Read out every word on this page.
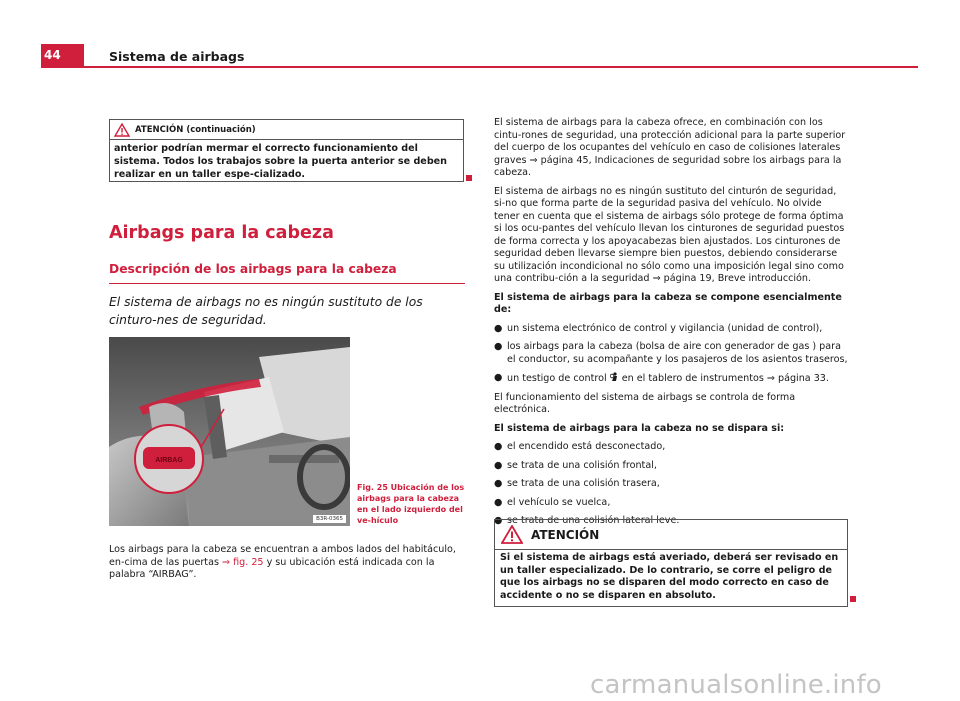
44	Sistema de airbags
ATENCIÓN (continuación)
anterior podrían mermar el correcto funcionamiento del sistema. Todos los trabajos sobre la puerta anterior se deben realizar en un taller espe-cializado.
Airbags para la cabeza
Descripción de los airbags para la cabeza
El sistema de airbags no es ningún sustituto de los cinturo-nes de seguridad.
AIRBAG
B3R-0365
Fig. 25 Ubicación de los airbags para la cabeza en el lado izquierdo del ve-hículo
Los airbags para la cabeza se encuentran a ambos lados del habitáculo, en-cima de las puertas ⇒ fig. 25 y su ubicación está indicada con la palabra “AIRBAG”.

El sistema de airbags para la cabeza ofrece, en combinación con los cintu-rones de seguridad, una protección adicional para la parte superior del cuerpo de los ocupantes del vehículo en caso de colisiones laterales graves ⇒ página 45, Indicaciones de seguridad sobre los airbags para la cabeza.

El sistema de airbags no es ningún sustituto del cinturón de seguridad, si-no que forma parte de la seguridad pasiva del vehículo. No olvide tener en cuenta que el sistema de airbags sólo protege de forma óptima si los ocu-pantes del vehículo llevan los cinturones de seguridad puestos de forma correcta y los apoyacabezas bien ajustados. Los cinturones de seguridad deben llevarse siempre bien puestos, debiendo considerarse su utilización incondicional no sólo como una imposición legal sino como una contribu-ción a la seguridad ⇒ página 19, Breve introducción.

El sistema de airbags para la cabeza se compone esencialmente de:
● un sistema electrónico de control y vigilancia (unidad de control),
● los airbags para la cabeza (bolsa de aire con generador de gas ) para el conductor, su acompañante y los pasajeros de los asientos traseros,
● un testigo de control  en el tablero de instrumentos ⇒ página 33.

El funcionamiento del sistema de airbags se controla de forma electrónica.

El sistema de airbags para la cabeza no se dispara si:
● el encendido está desconectado,
● se trata de una colisión frontal,
● se trata de una colisión trasera,
● el vehículo se vuelca,
● se trata de una colisión lateral leve.
ATENCIÓN
Si el sistema de airbags está averiado, deberá ser revisado en un taller especializado. De lo contrario, se corre el peligro de que los airbags no se disparen del modo correcto en caso de accidente o no se disparen en absoluto.
carmanualsonline.info
